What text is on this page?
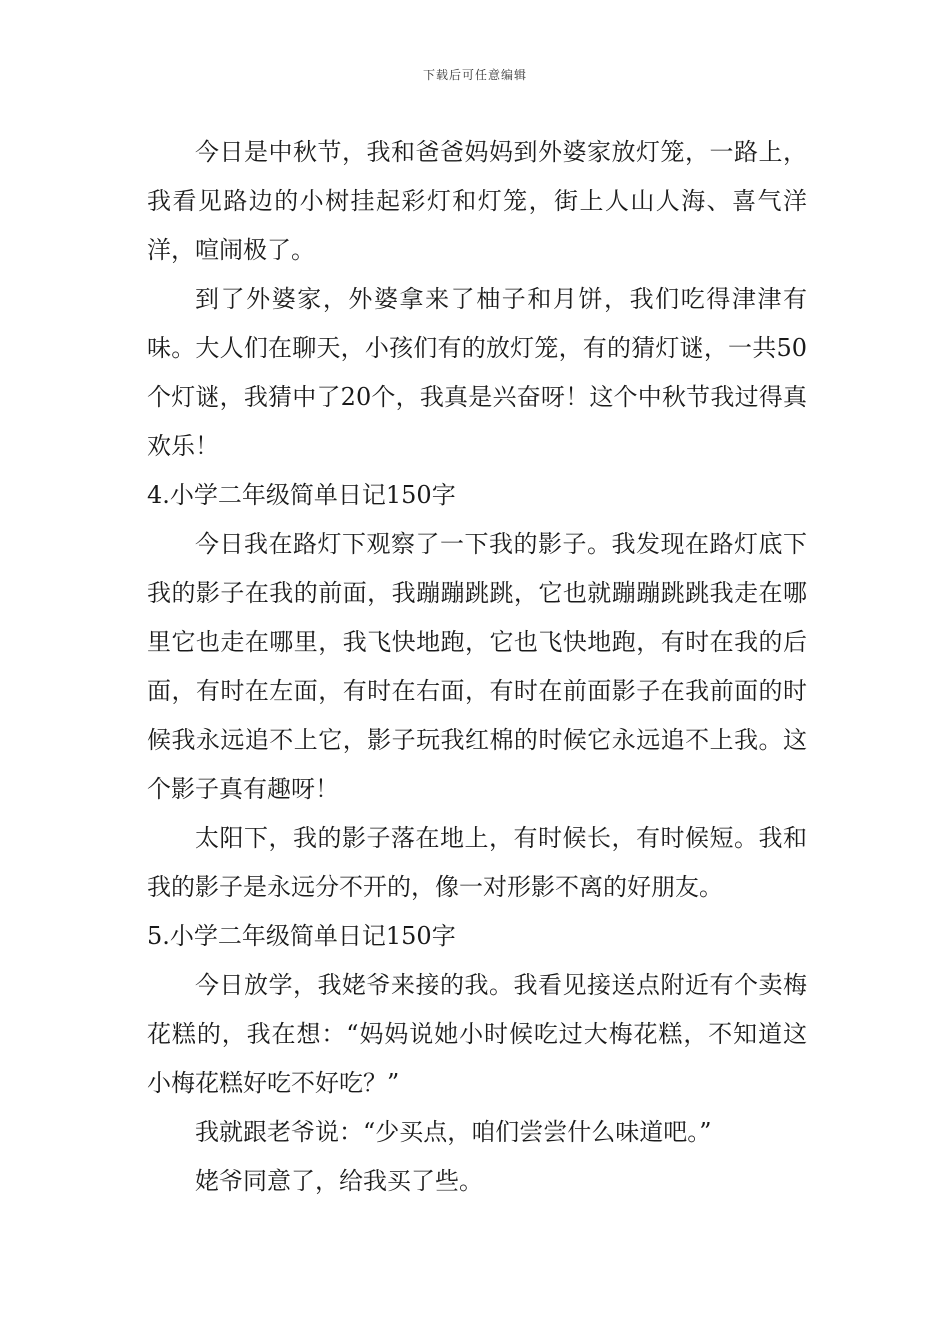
下载后可任意编辑

今日是中秋节，我和爸爸妈妈到外婆家放灯笼，一路上，我看见路边的小树挂起彩灯和灯笼，街上人山人海、喜气洋洋，喧闹极了。

到了外婆家，外婆拿来了柚子和月饼，我们吃得津津有味。大人们在聊天，小孩们有的放灯笼，有的猜灯谜，一共50个灯谜，我猜中了20个，我真是兴奋呀！这个中秋节我过得真欢乐！

4.小学二年级简单日记150字

今日我在路灯下观察了一下我的影子。我发现在路灯底下我的影子在我的前面，我蹦蹦跳跳，它也就蹦蹦跳跳我走在哪里它也走在哪里，我飞快地跑，它也飞快地跑，有时在我的后面，有时在左面，有时在右面，有时在前面影子在我前面的时候我永远追不上它，影子玩我红棉的时候它永远追不上我。这个影子真有趣呀！

太阳下，我的影子落在地上，有时候长，有时候短。我和我的影子是永远分不开的，像一对形影不离的好朋友。

5.小学二年级简单日记150字

今日放学，我姥爷来接的我。我看见接送点附近有个卖梅花糕的，我在想：“妈妈说她小时候吃过大梅花糕，不知道这小梅花糕好吃不好吃？”

我就跟老爷说：“少买点，咱们尝尝什么味道吧。”

姥爷同意了，给我买了些。
